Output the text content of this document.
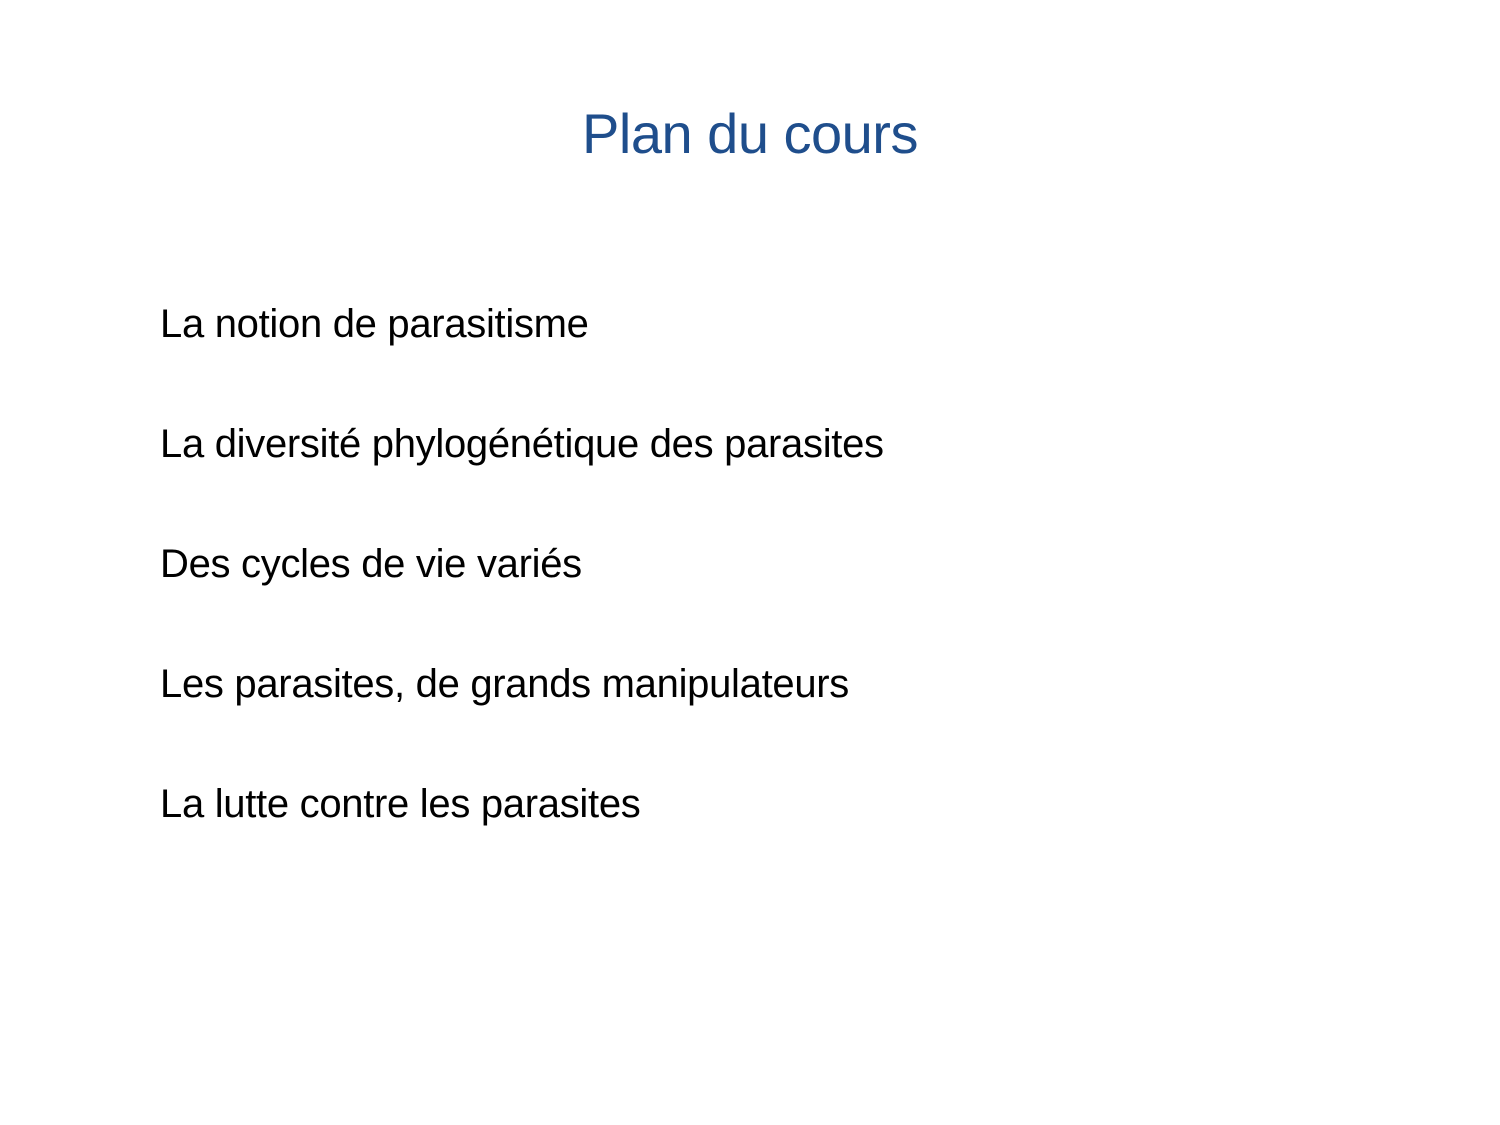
Plan du cours
La notion de parasitisme
La diversité phylogénétique des parasites
Des cycles de vie variés
Les parasites, de grands manipulateurs
La lutte contre les parasites
